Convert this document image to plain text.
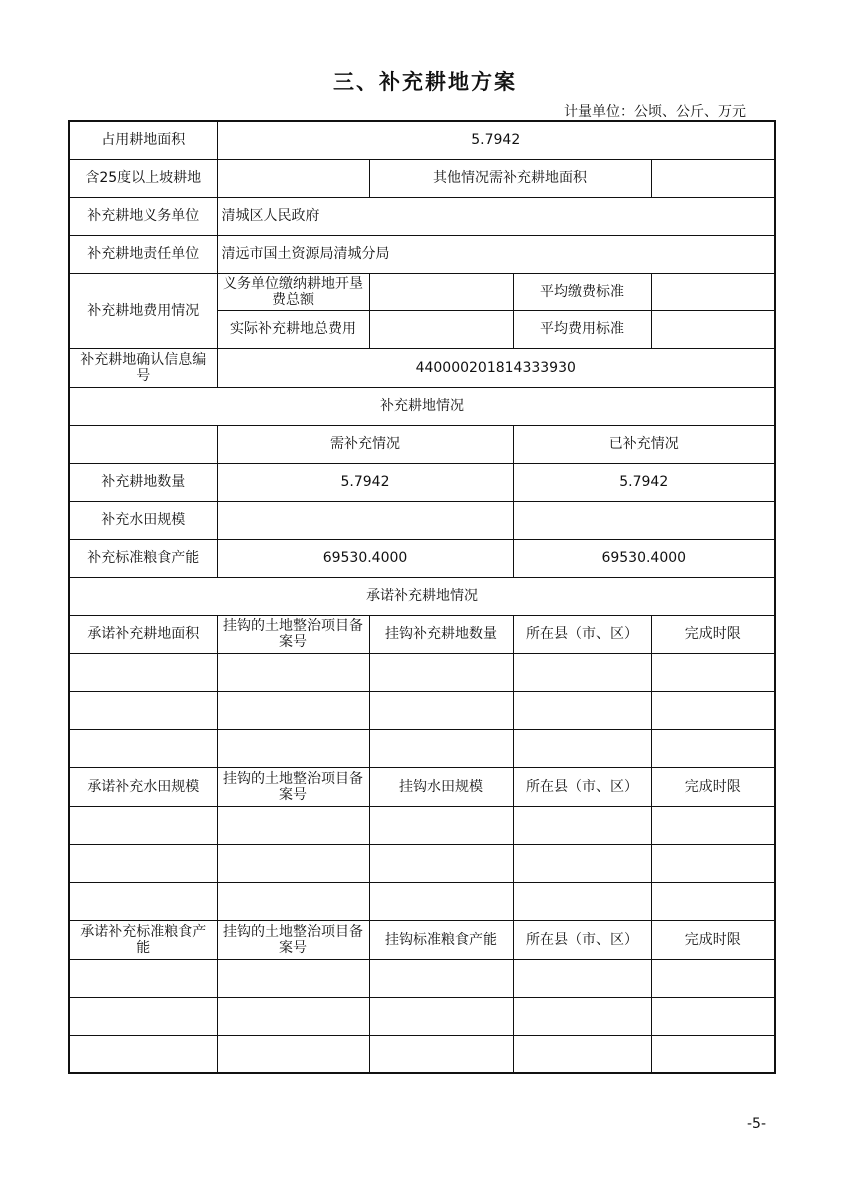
三、补充耕地方案
计量单位：公顷、公斤、万元
占用耕地面积	5.7942			
含25度以上坡耕地		其他情况需补充耕地面积		
补充耕地义务单位	清城区人民政府			
补充耕地责任单位	清远市国土资源局清城分局			
补充耕地费用情况	义务单位缴纳耕地开垦费总额		平均缴费标准	
	实际补充耕地总费用		平均费用标准	
补充耕地确认信息编号	440000201814333930			
补充耕地情况				
	需补充情况		已补充情况	
补充耕地数量	5.7942		5.7942	
补充水田规模				
补充标准粮食产能	69530.4000		69530.4000	
承诺补充耕地情况				
承诺补充耕地面积	挂钩的土地整治项目备案号	挂钩补充耕地数量	所在县（市、区）	完成时限

承诺补充水田规模	挂钩的土地整治项目备案号	挂钩水田规模	所在县（市、区）	完成时限

承诺补充标准粮食产能	挂钩的土地整治项目备案号	挂钩标准粮食产能	所在县（市、区）	完成时限

-5-
